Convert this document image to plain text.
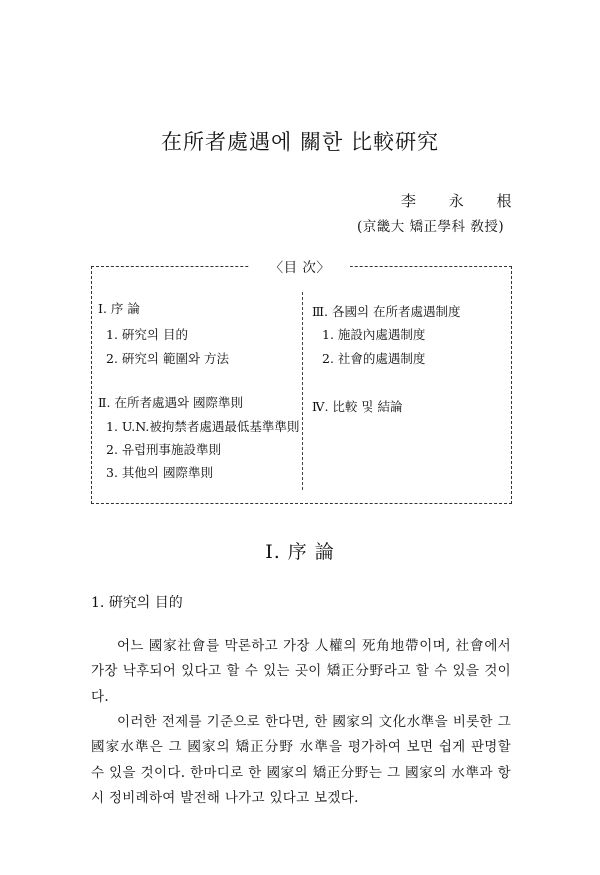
在所者處遇에 關한 比較硏究
李 永 根
(京畿大 矯正學科 敎授)
〈目 次〉
Ⅰ. 序 論
1. 硏究의 目的
2. 硏究의 範圍와 方法
Ⅱ. 在所者處遇와 國際準則
1. U.N.被拘禁者處遇最低基準準則
2. 유럽刑事施設準則
3. 其他의 國際準則
Ⅲ. 各國의 在所者處遇制度
1. 施設內處遇制度
2. 社會的處遇制度
Ⅳ. 比較 및 結論
Ⅰ. 序 論
1. 硏究의 目的
어느 國家社會를 막론하고 가장 人權의 死角地帶이며, 社會에서 가장 낙후되어 있다고 할 수 있는 곳이 矯正分野라고 할 수 있을 것이다.
이러한 전제를 기준으로 한다면, 한 國家의 文化水準을 비롯한 그 國家水準은 그 國家의 矯正分野 水準을 평가하여 보면 쉽게 판명할 수 있을 것이다. 한마디로 한 國家의 矯正分野는 그 國家의 水準과 항시 정비례하여 발전해 나가고 있다고 보겠다.
